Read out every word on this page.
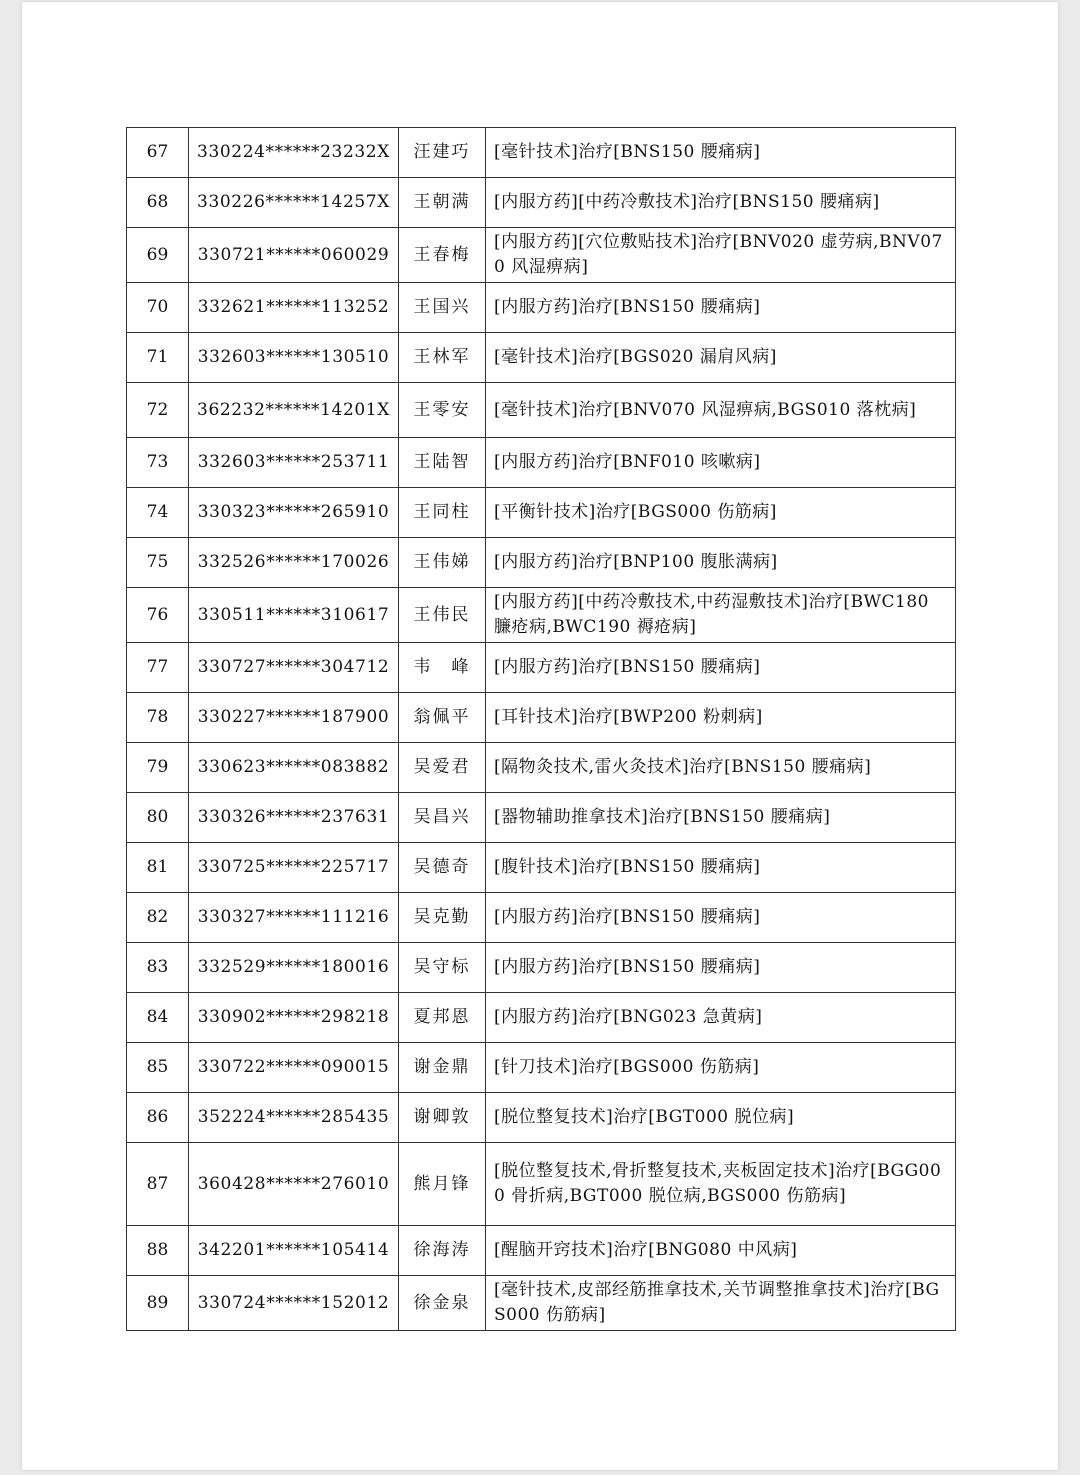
67	330224******23232X	汪建巧	[毫针技术]治疗[BNS150 腰痛病]
68	330226******14257X	王朝满	[内服方药][中药冷敷技术]治疗[BNS150 腰痛病]
69	330721******060029	王春梅	[内服方药][穴位敷贴技术]治疗[BNV020 虚劳病,BNV070 风湿痹病]
70	332621******113252	王国兴	[内服方药]治疗[BNS150 腰痛病]
71	332603******130510	王林军	[毫针技术]治疗[BGS020 漏肩风病]
72	362232******14201X	王零安	[毫针技术]治疗[BNV070 风湿痹病,BGS010 落枕病]
73	332603******253711	王陆智	[内服方药]治疗[BNF010 咳嗽病]
74	330323******265910	王同柱	[平衡针技术]治疗[BGS000 伤筋病]
75	332526******170026	王伟娣	[内服方药]治疗[BNP100 腹胀满病]
76	330511******310617	王伟民	[内服方药][中药冷敷技术,中药湿敷技术]治疗[BWC180 臁疮病,BWC190 褥疮病]
77	330727******304712	韦　峰	[内服方药]治疗[BNS150 腰痛病]
78	330227******187900	翁佩平	[耳针技术]治疗[BWP200 粉刺病]
79	330623******083882	吴爱君	[隔物灸技术,雷火灸技术]治疗[BNS150 腰痛病]
80	330326******237631	吴昌兴	[器物辅助推拿技术]治疗[BNS150 腰痛病]
81	330725******225717	吴德奇	[腹针技术]治疗[BNS150 腰痛病]
82	330327******111216	吴克勤	[内服方药]治疗[BNS150 腰痛病]
83	332529******180016	吴守标	[内服方药]治疗[BNS150 腰痛病]
84	330902******298218	夏邦恩	[内服方药]治疗[BNG023 急黄病]
85	330722******090015	谢金鼎	[针刀技术]治疗[BGS000 伤筋病]
86	352224******285435	谢卿敦	[脱位整复技术]治疗[BGT000 脱位病]
87	360428******276010	熊月锋	[脱位整复技术,骨折整复技术,夹板固定技术]治疗[BGG000 骨折病,BGT000 脱位病,BGS000 伤筋病]
88	342201******105414	徐海涛	[醒脑开窍技术]治疗[BNG080 中风病]
89	330724******152012	徐金泉	[毫针技术,皮部经筋推拿技术,关节调整推拿技术]治疗[BGS000 伤筋病]
